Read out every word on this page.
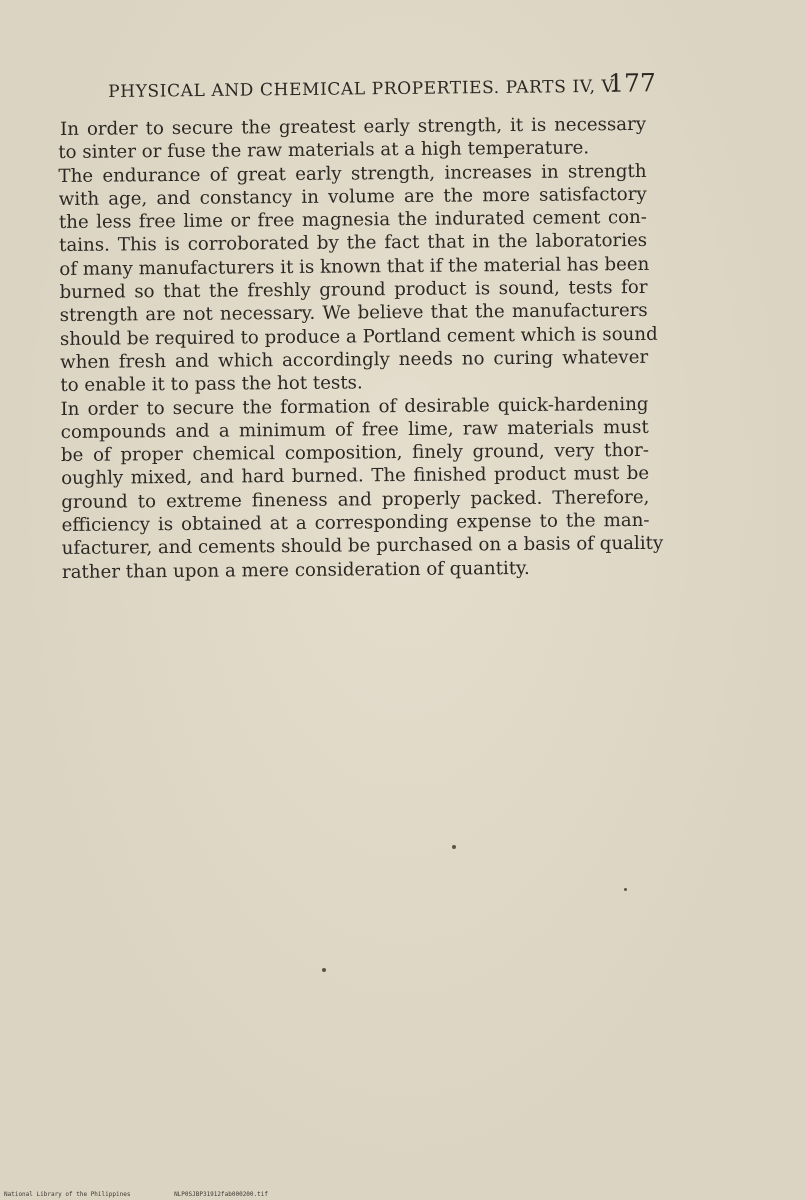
PHYSICAL AND CHEMICAL PROPERTIES. PARTS IV, V.
177
In order to secure the greatest early strength, it is necessary
to sinter or fuse the raw materials at a high temperature.
The endurance of great early strength, increases in strength
with age, and constancy in volume are the more satisfactory
the less free lime or free magnesia the indurated cement con-
tains. This is corroborated by the fact that in the laboratories
of many manufacturers it is known that if the material has been
burned so that the freshly ground product is sound, tests for
strength are not necessary. We believe that the manufacturers
should be required to produce a Portland cement which is sound
when fresh and which accordingly needs no curing whatever
to enable it to pass the hot tests.
In order to secure the formation of desirable quick-hardening
compounds and a minimum of free lime, raw materials must
be of proper chemical composition, finely ground, very thor-
oughly mixed, and hard burned. The finished product must be
ground to extreme fineness and properly packed. Therefore,
efficiency is obtained at a corresponding expense to the man-
ufacturer, and cements should be purchased on a basis of quality
rather than upon a mere consideration of quantity.
National Library of the Philippines	NLP0SJBP31912fab000200.tif
